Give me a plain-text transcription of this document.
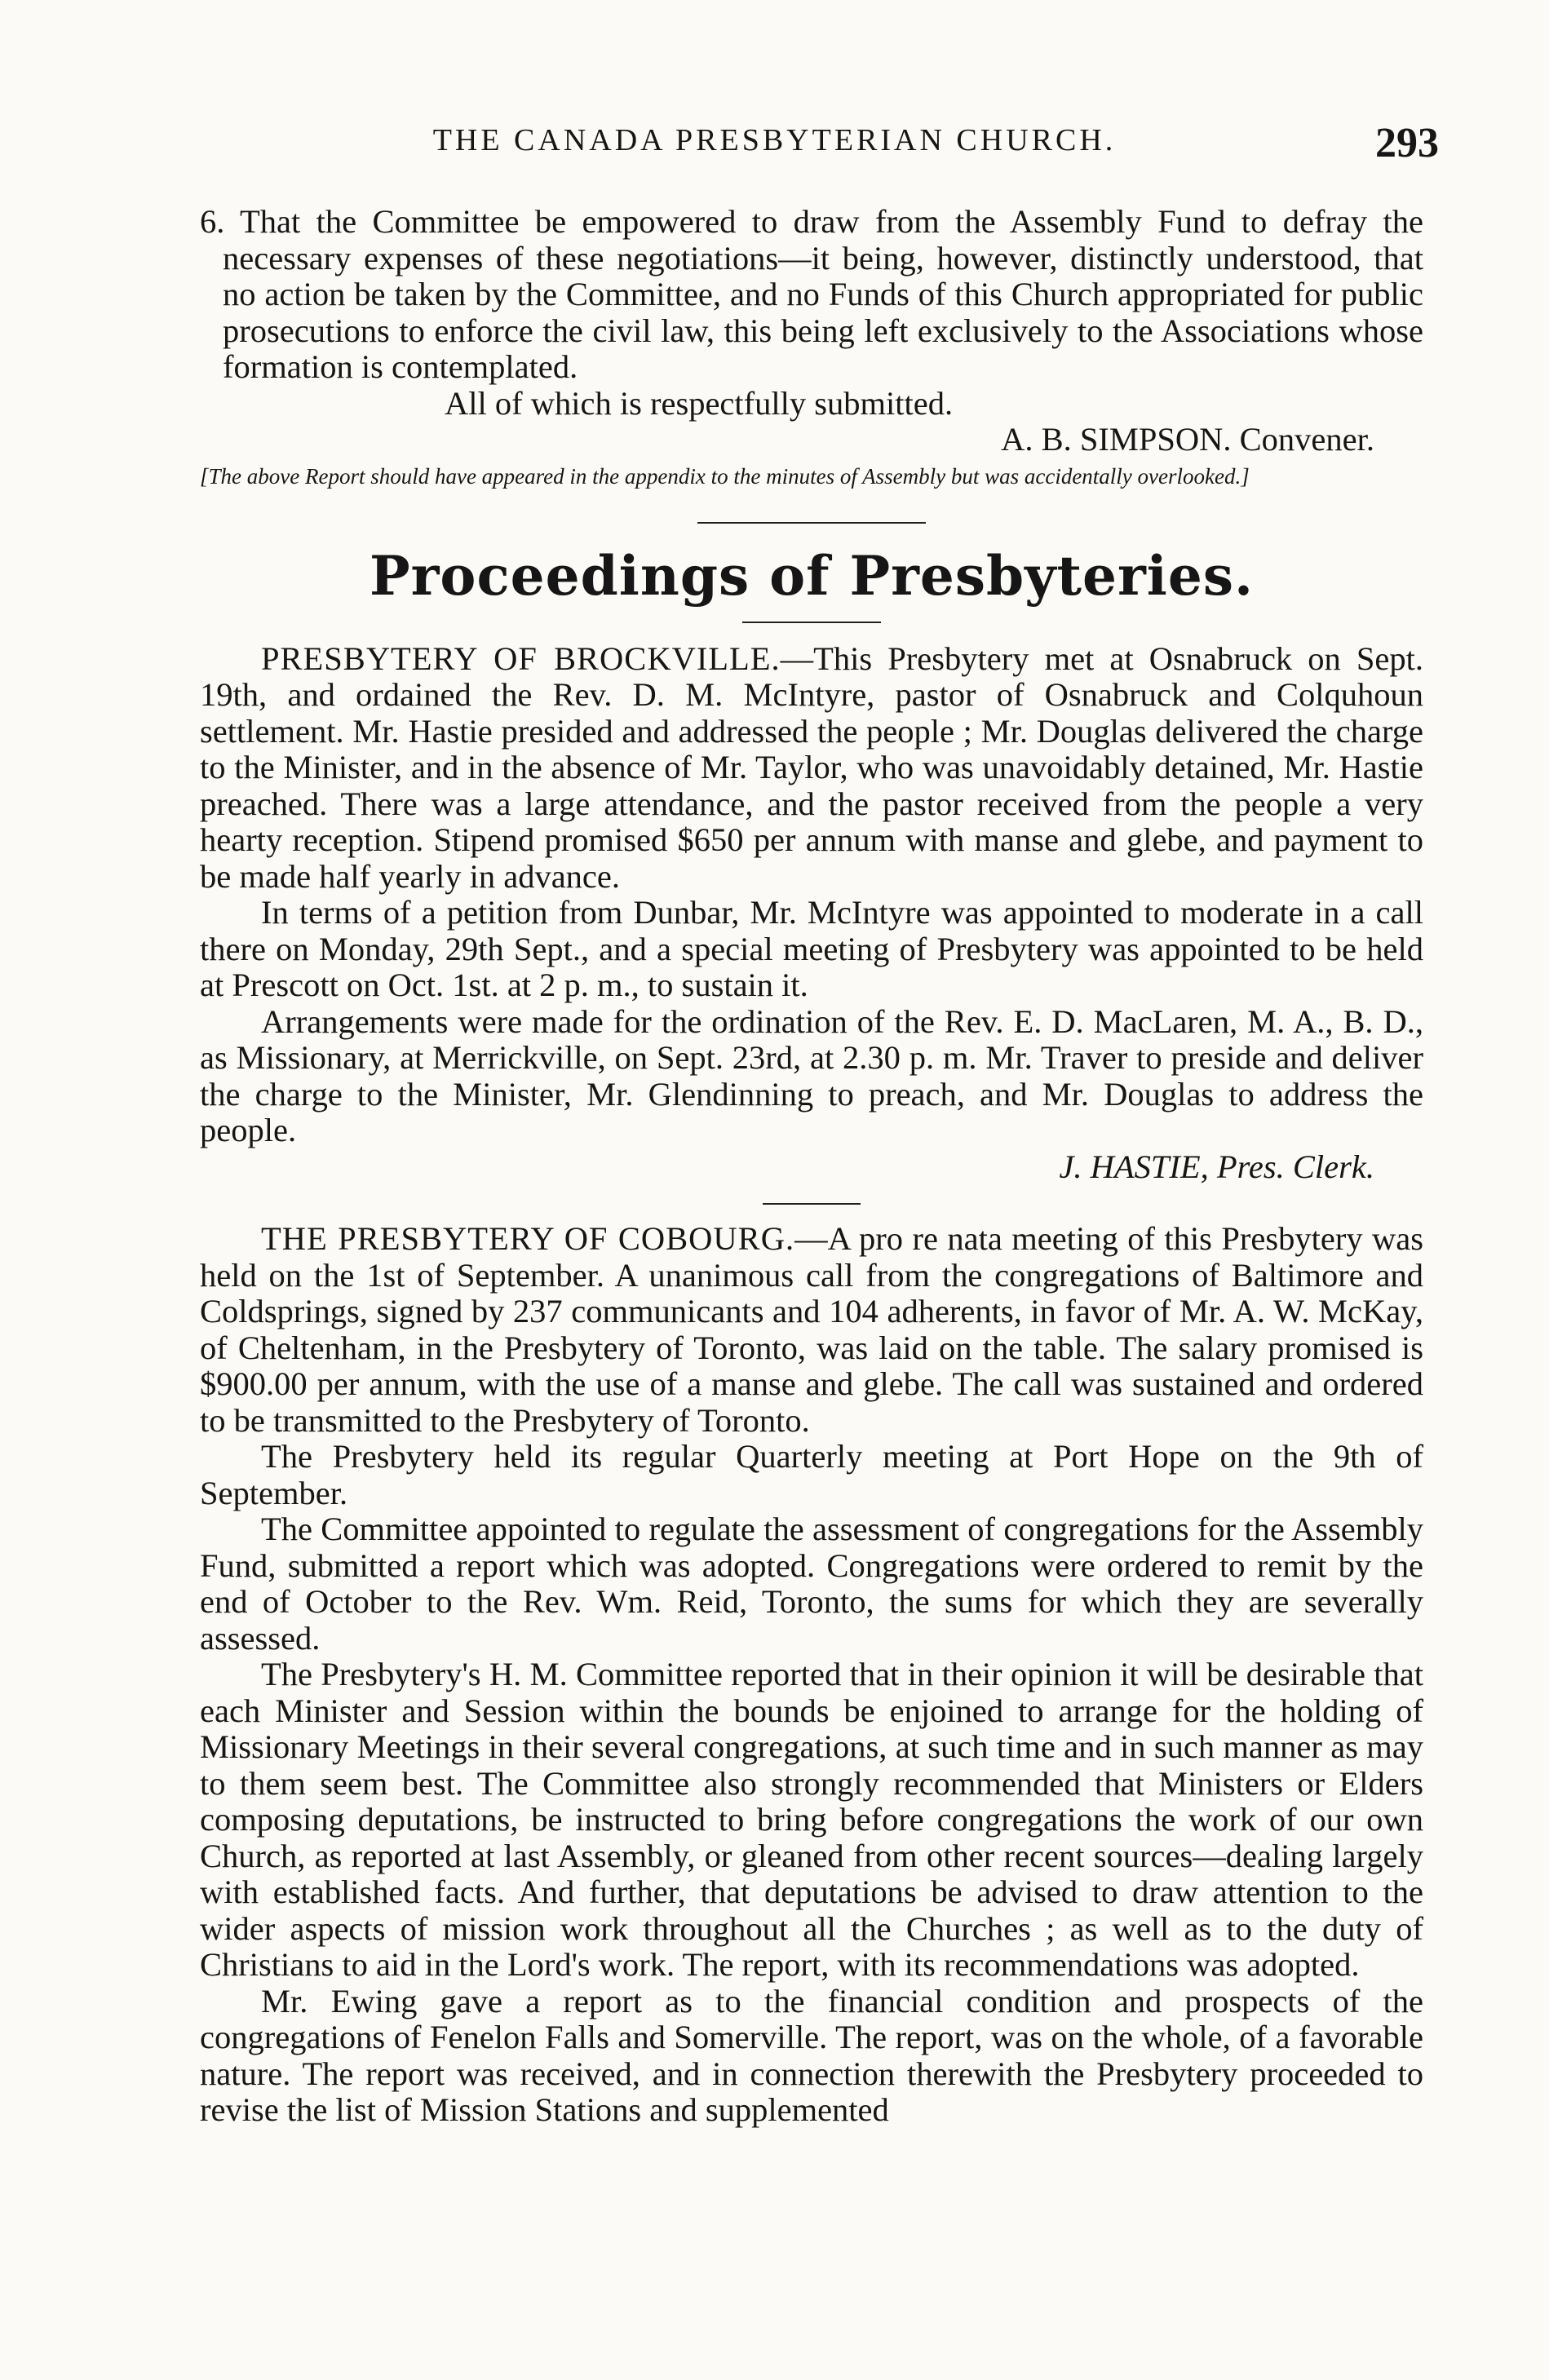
THE CANADA PRESBYTERIAN CHURCH.	293

6. That the Committee be empowered to draw from the Assembly Fund to defray the necessary expenses of these negotiations—it being, however, distinctly understood, that no action be taken by the Committee, and no Funds of this Church appropriated for public prosecutions to enforce the civil law, this being left exclusively to the Associations whose formation is contemplated.

All of which is respectfully submitted.

A. B. SIMPSON. Convener.

[The above Report should have appeared in the appendix to the minutes of Assembly but was accidentally overlooked.]

Proceedings of Presbyteries.

PRESBYTERY OF BROCKVILLE.—This Presbytery met at Osnabruck on Sept. 19th, and ordained the Rev. D. M. McIntyre, pastor of Osnabruck and Colquhoun settlement. Mr. Hastie presided and addressed the people ; Mr. Douglas delivered the charge to the Minister, and in the absence of Mr. Taylor, who was unavoidably detained, Mr. Hastie preached. There was a large attendance, and the pastor received from the people a very hearty reception. Stipend promised $650 per annum with manse and glebe, and payment to be made half yearly in advance.

In terms of a petition from Dunbar, Mr. McIntyre was appointed to moderate in a call there on Monday, 29th Sept., and a special meeting of Presbytery was appointed to be held at Prescott on Oct. 1st. at 2 p. m., to sustain it.

Arrangements were made for the ordination of the Rev. E. D. MacLaren, M. A., B. D., as Missionary, at Merrickville, on Sept. 23rd, at 2.30 p. m. Mr. Traver to preside and deliver the charge to the Minister, Mr. Glendinning to preach, and Mr. Douglas to address the people.

J. HASTIE, Pres. Clerk.

THE PRESBYTERY OF COBOURG.—A pro re nata meeting of this Presbytery was held on the 1st of September. A unanimous call from the congregations of Baltimore and Coldsprings, signed by 237 communicants and 104 adherents, in favor of Mr. A. W. McKay, of Cheltenham, in the Presbytery of Toronto, was laid on the table. The salary promised is $900.00 per annum, with the use of a manse and glebe. The call was sustained and ordered to be transmitted to the Presbytery of Toronto.

The Presbytery held its regular Quarterly meeting at Port Hope on the 9th of September.

The Committee appointed to regulate the assessment of congregations for the Assembly Fund, submitted a report which was adopted. Congregations were ordered to remit by the end of October to the Rev. Wm. Reid, Toronto, the sums for which they are severally assessed.

The Presbytery's H. M. Committee reported that in their opinion it will be desirable that each Minister and Session within the bounds be enjoined to arrange for the holding of Missionary Meetings in their several congregations, at such time and in such manner as may to them seem best. The Committee also strongly recommended that Ministers or Elders composing deputations, be instructed to bring before congregations the work of our own Church, as reported at last Assembly, or gleaned from other recent sources—dealing largely with established facts. And further, that deputations be advised to draw attention to the wider aspects of mission work throughout all the Churches ; as well as to the duty of Christians to aid in the Lord's work. The report, with its recommendations was adopted.

Mr. Ewing gave a report as to the financial condition and prospects of the congregations of Fenelon Falls and Somerville. The report, was on the whole, of a favorable nature. The report was received, and in connection therewith the Presbytery proceeded to revise the list of Mission Stations and supplemented
